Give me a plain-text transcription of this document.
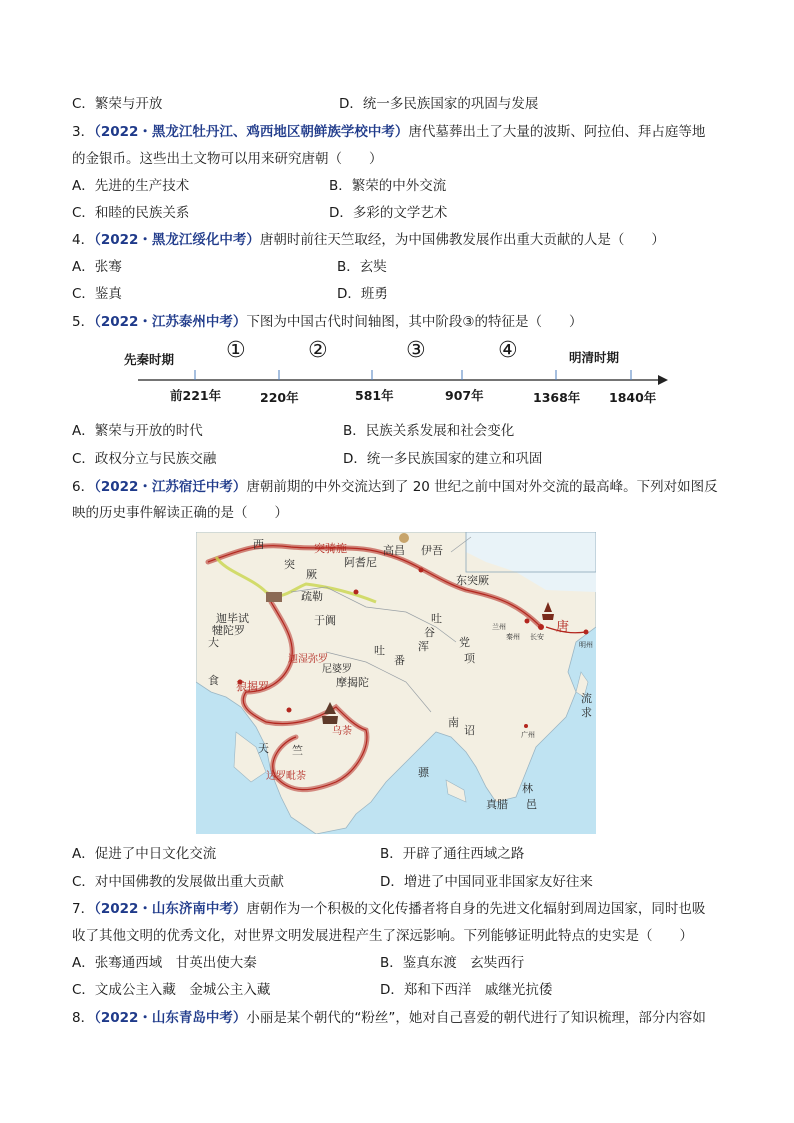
C．繁荣与开放	D．统一多民族国家的巩固与发展
3．（2022・黑龙江牡丹江、鸡西地区朝鲜族学校中考）唐代墓葬出土了大量的波斯、阿拉伯、拜占庭等地
的金银币。这些出土文物可以用来研究唐朝（　　）
A．先进的生产技术	B．繁荣的中外交流
C．和睦的民族关系	D．多彩的文学艺术
4．（2022・黑龙江绥化中考）唐朝时前往天竺取经，为中国佛教发展作出重大贡献的人是（　　）
A．张骞	B．玄奘
C．鉴真	D．班勇
5．（2022・江苏泰州中考）下图为中国古代时间轴图，其中阶段③的特征是（　　）
先秦时期	明清时期
①	②	③	④
前221年	220年	581年	907年	1368年 1840年
A．繁荣与开放的时代	B．民族关系发展和社会变化
C．政权分立与民族交融	D．统一多民族国家的建立和巩固
6．（2022・江苏宿迁中考）唐朝前期的中外交流达到了 20 世纪之前中国对外交流的最高峰。下列对如图反
映的历史事件解读正确的是（　　）
西	突骑施
突
厥
阿耆尼
高昌 伊吾
东突厥
疏勒
于阗	吐
谷
浑
吐
番
党
项
唐
长安
秦州
兰州
明州
广州
南
诏
骠
真腊
林
邑
流
求
大
食
迦毕试
犍陀罗
狼揭罗	摩揭陀
天 竺
达罗毗荼
乌荼
迦湿弥罗
尼婆罗
A．促进了中日文化交流	B．开辟了通往西域之路
C．对中国佛教的发展做出重大贡献	D．增进了中国同亚非国家友好往来
7．（2022・山东济南中考）唐朝作为一个积极的文化传播者将自身的先进文化辐射到周边国家，同时也吸
收了其他文明的优秀文化，对世界文明发展进程产生了深远影响。下列能够证明此特点的史实是（　　）
A．张骞通西域　甘英出使大秦	B．鉴真东渡　玄奘西行
C．文成公主入藏　金城公主入藏	D．郑和下西洋　戚继光抗倭
8．（2022・山东青岛中考）小丽是某个朝代的“粉丝”，她对自己喜爱的朝代进行了知识梳理，部分内容如
